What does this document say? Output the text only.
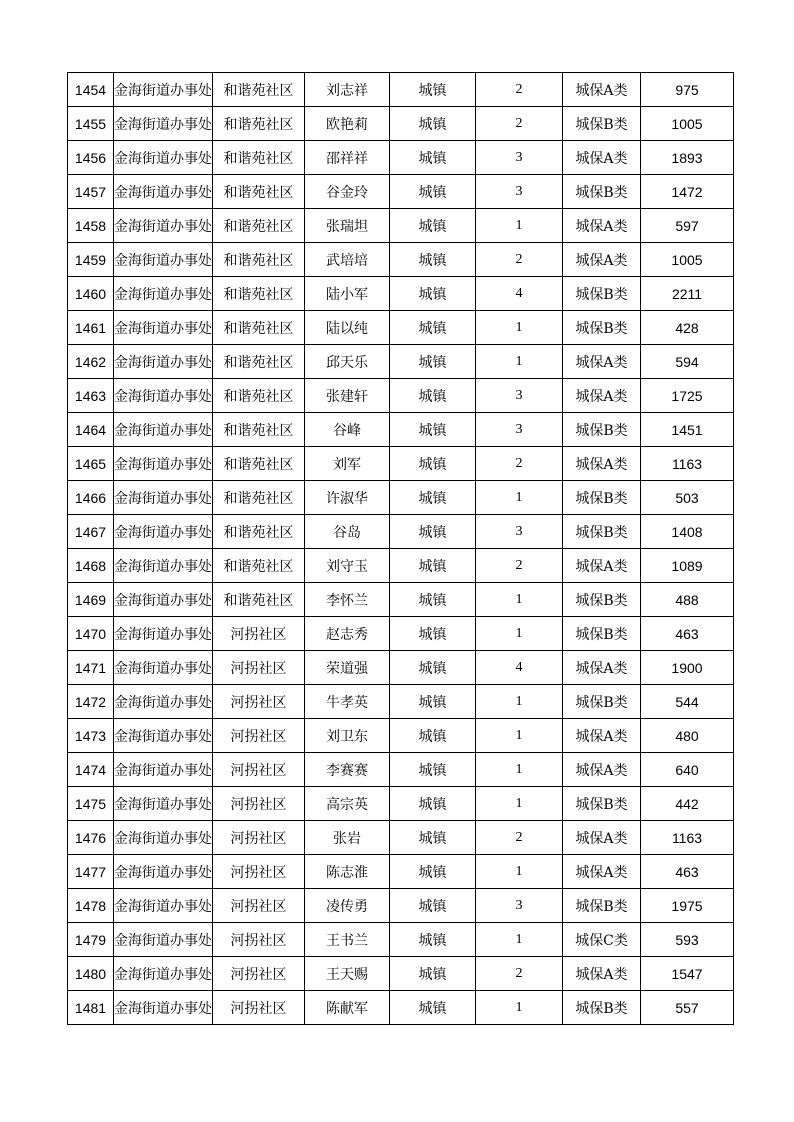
1454	金海街道办事处	和谐苑社区	刘志祥	城镇	2	城保A类	975
1455	金海街道办事处	和谐苑社区	欧艳莉	城镇	2	城保B类	1005
1456	金海街道办事处	和谐苑社区	邵祥祥	城镇	3	城保A类	1893
1457	金海街道办事处	和谐苑社区	谷金玲	城镇	3	城保B类	1472
1458	金海街道办事处	和谐苑社区	张瑞坦	城镇	1	城保A类	597
1459	金海街道办事处	和谐苑社区	武培培	城镇	2	城保A类	1005
1460	金海街道办事处	和谐苑社区	陆小军	城镇	4	城保B类	2211
1461	金海街道办事处	和谐苑社区	陆以纯	城镇	1	城保B类	428
1462	金海街道办事处	和谐苑社区	邱天乐	城镇	1	城保A类	594
1463	金海街道办事处	和谐苑社区	张建轩	城镇	3	城保A类	1725
1464	金海街道办事处	和谐苑社区	谷峰	城镇	3	城保B类	1451
1465	金海街道办事处	和谐苑社区	刘军	城镇	2	城保A类	1163
1466	金海街道办事处	和谐苑社区	许淑华	城镇	1	城保B类	503
1467	金海街道办事处	和谐苑社区	谷岛	城镇	3	城保B类	1408
1468	金海街道办事处	和谐苑社区	刘守玉	城镇	2	城保A类	1089
1469	金海街道办事处	和谐苑社区	李怀兰	城镇	1	城保B类	488
1470	金海街道办事处	河拐社区	赵志秀	城镇	1	城保B类	463
1471	金海街道办事处	河拐社区	荣道强	城镇	4	城保A类	1900
1472	金海街道办事处	河拐社区	牛孝英	城镇	1	城保B类	544
1473	金海街道办事处	河拐社区	刘卫东	城镇	1	城保A类	480
1474	金海街道办事处	河拐社区	李赛赛	城镇	1	城保A类	640
1475	金海街道办事处	河拐社区	高宗英	城镇	1	城保B类	442
1476	金海街道办事处	河拐社区	张岩	城镇	2	城保A类	1163
1477	金海街道办事处	河拐社区	陈志淮	城镇	1	城保A类	463
1478	金海街道办事处	河拐社区	凌传勇	城镇	3	城保B类	1975
1479	金海街道办事处	河拐社区	王书兰	城镇	1	城保C类	593
1480	金海街道办事处	河拐社区	王天赐	城镇	2	城保A类	1547
1481	金海街道办事处	河拐社区	陈献军	城镇	1	城保B类	557
